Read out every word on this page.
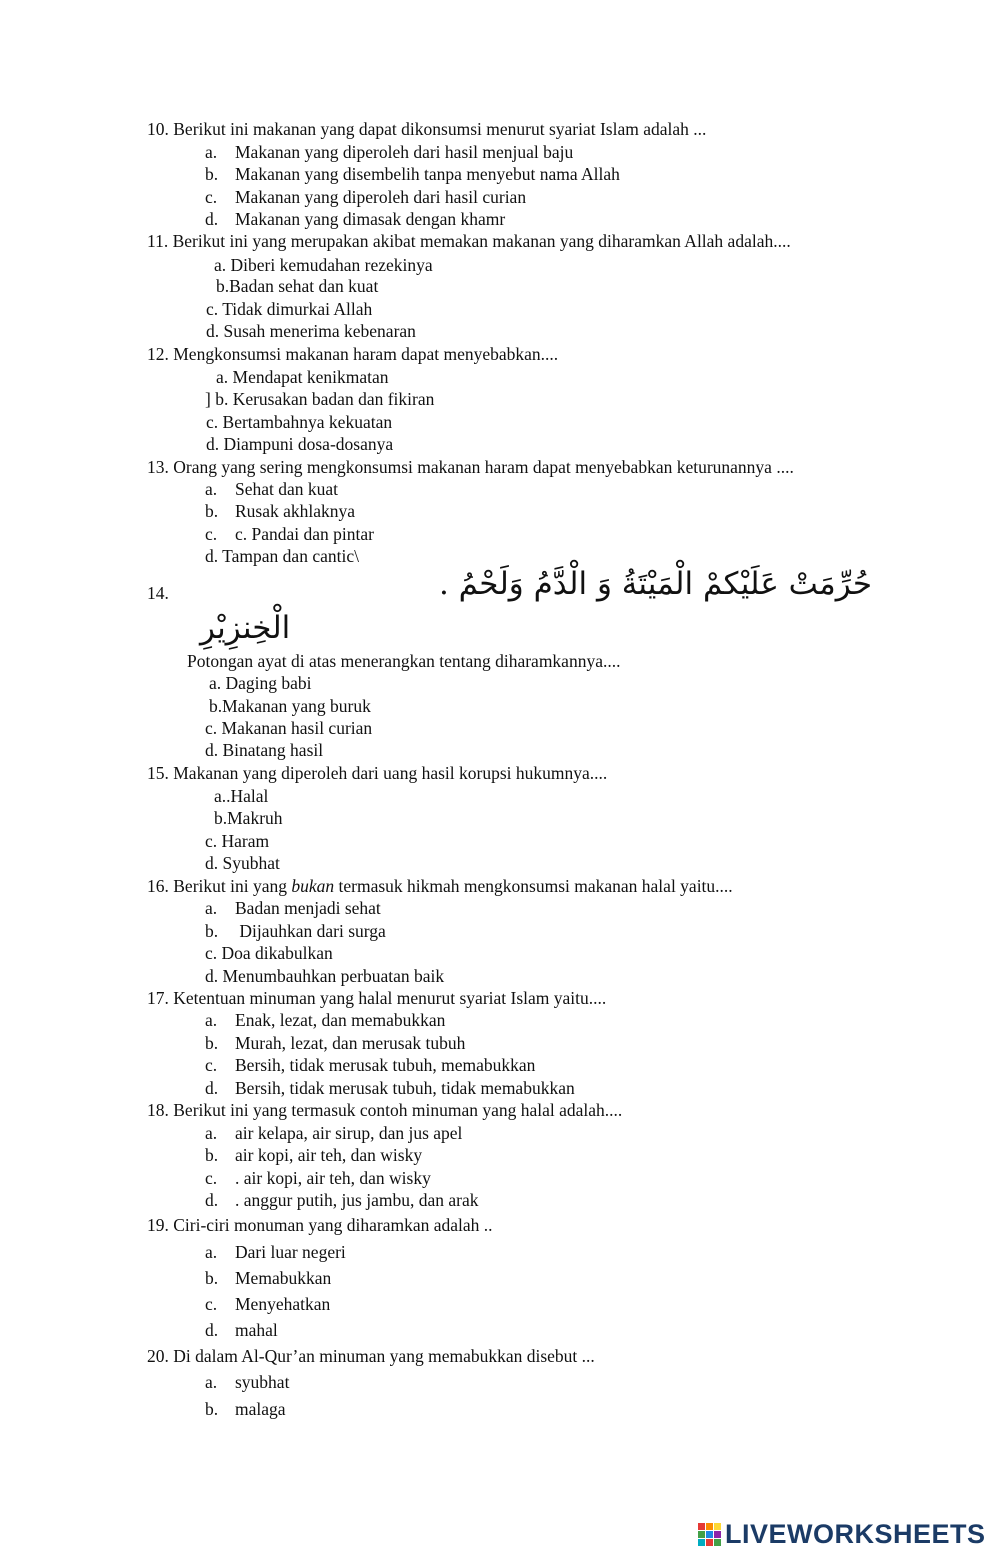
10. Berikut ini makanan yang dapat dikonsumsi menurut syariat Islam adalah ...
a. Makanan yang diperoleh dari hasil menjual baju
b. Makanan yang disembelih tanpa menyebut nama Allah
c. Makanan yang diperoleh dari hasil curian
d. Makanan yang dimasak dengan khamr
11. Berikut ini yang merupakan akibat memakan makanan yang diharamkan Allah adalah....
a. Diberi kemudahan rezekinya
b.Badan sehat dan kuat
c. Tidak dimurkai Allah
d. Susah menerima kebenaran
12. Mengkonsumsi makanan haram dapat menyebabkan....
a. Mendapat kenikmatan
] b. Kerusakan badan dan fikiran
c. Bertambahnya kekuatan
d. Diampuni dosa-dosanya
13. Orang yang sering mengkonsumsi makanan haram dapat menyebabkan keturunannya ....
a. Sehat dan kuat
b. Rusak akhlaknya
c. c. Pandai dan pintar
d. Tampan dan cantic\
14.	حُرِّمَتْ عَلَيْكمْ الْمَيْتَةُ وَ الْدَّمُ وَلَحْمُ .
الْخِنزِيْرِ
Potongan ayat di atas menerangkan tentang diharamkannya....
a. Daging babi
b.Makanan yang buruk
c. Makanan hasil curian
d. Binatang hasil
15. Makanan yang diperoleh dari uang hasil korupsi hukumnya....
a..Halal
b.Makruh
c. Haram
d. Syubhat
16. Berikut ini yang bukan termasuk hikmah mengkonsumsi makanan halal yaitu....
a. Badan menjadi sehat
b. Dijauhkan dari surga
c. Doa dikabulkan
d. Menumbauhkan perbuatan baik
17. Ketentuan minuman yang halal menurut syariat Islam yaitu....
a. Enak, lezat, dan memabukkan
b. Murah, lezat, dan merusak tubuh
c. Bersih, tidak merusak tubuh, memabukkan
d. Bersih, tidak merusak tubuh, tidak memabukkan
18. Berikut ini yang termasuk contoh minuman yang halal adalah....
a. air kelapa, air sirup, dan jus apel
b. air kopi, air teh, dan wisky
c. . air kopi, air teh, dan wisky
d. . anggur putih, jus jambu, dan arak
19. Ciri-ciri monuman yang diharamkan adalah ..
a. Dari luar negeri
b. Memabukkan
c. Menyehatkan
d. mahal
20. Di dalam Al-Qur’an minuman yang memabukkan disebut ...
a. syubhat
b. malaga
LIVEWORKSHEETS
